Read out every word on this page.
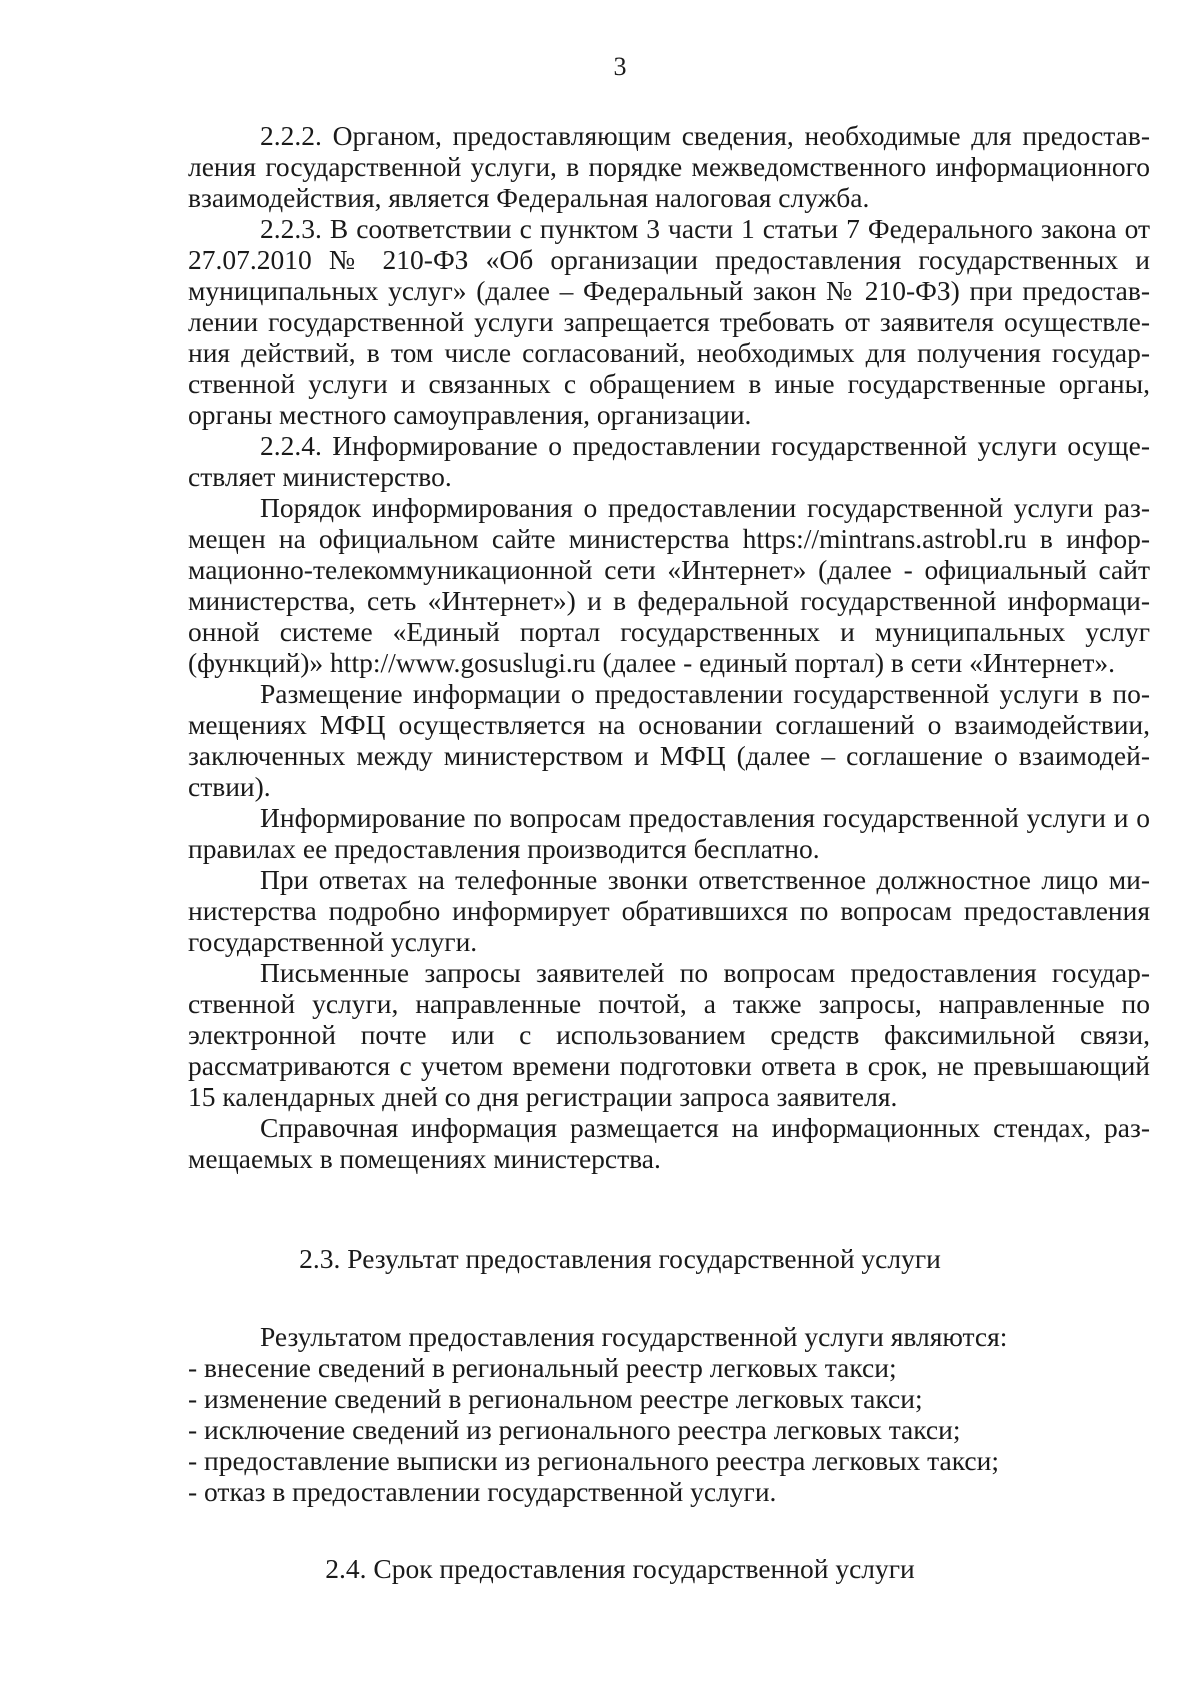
3

2.2.2. Органом, предоставляющим сведения, необходимые для предоставления государственной услуги, в порядке межведомственного информационного взаимодействия, является Федеральная налоговая служба.

2.2.3. В соответствии с пунктом 3 части 1 статьи 7 Федерального закона от 27.07.2010 № 210-ФЗ «Об организации предоставления государственных и муниципальных услуг» (далее – Федеральный закон № 210-ФЗ) при предоставлении государственной услуги запрещается требовать от заявителя осуществления действий, в том числе согласований, необходимых для получения государственной услуги и связанных с обращением в иные государственные органы, органы местного самоуправления, организации.

2.2.4. Информирование о предоставлении государственной услуги осуществляет министерство.

Порядок информирования о предоставлении государственной услуги размещен на официальном сайте министерства https://mintrans.astrobl.ru в информационно-телекоммуникационной сети «Интернет» (далее - официальный сайт министерства, сеть «Интернет») и в федеральной государственной информационной системе «Единый портал государственных и муниципальных услуг (функций)» http://www.gosuslugi.ru (далее - единый портал) в сети «Интернет».

Размещение информации о предоставлении государственной услуги в помещениях МФЦ осуществляется на основании соглашений о взаимодействии, заключенных между министерством и МФЦ (далее – соглашение о взаимодействии).

Информирование по вопросам предоставления государственной услуги и о правилах ее предоставления производится бесплатно.

При ответах на телефонные звонки ответственное должностное лицо министерства подробно информирует обратившихся по вопросам предоставления государственной услуги.

Письменные запросы заявителей по вопросам предоставления государственной услуги, направленные почтой, а также запросы, направленные по электронной почте или с использованием средств факсимильной связи, рассматриваются с учетом времени подготовки ответа в срок, не превышающий 15 календарных дней со дня регистрации запроса заявителя.

Справочная информация размещается на информационных стендах, размещаемых в помещениях министерства.

2.3. Результат предоставления государственной услуги

Результатом предоставления государственной услуги являются:

- внесение сведений в региональный реестр легковых такси;
- изменение сведений в региональном реестре легковых такси;
- исключение сведений из регионального реестра легковых такси;
- предоставление выписки из регионального реестра легковых такси;
- отказ в предоставлении государственной услуги.
2.4. Срок предоставления государственной услуги
